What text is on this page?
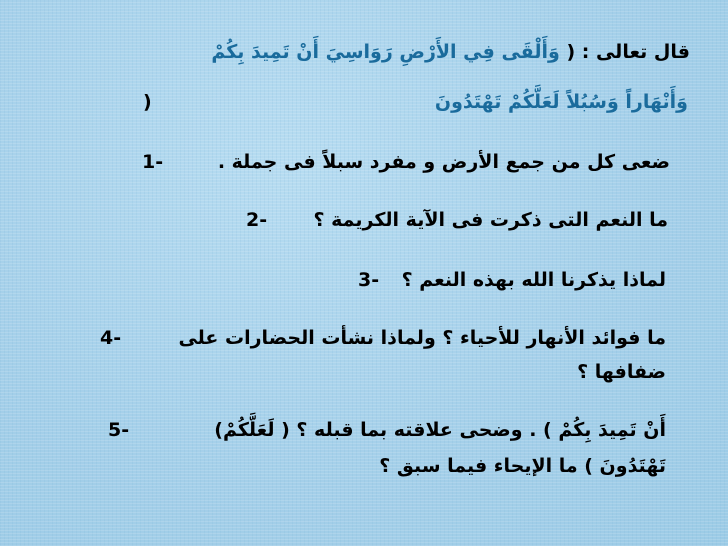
قال تعالى : ( وَأَلْقَى فِي الأَرْضِ رَوَاسِيَ أَنْ تَمِيدَ بِكُمْ
وَأَنْهَاراً وَسُبُلاً لَعَلَّكُمْ تَهْتَدُونَ
)
ضعى كل من جمع الأرض و مفرد سبلاً فى جملة .
1-
ما النعم التى ذكرت فى الآية الكريمة ؟
2-
لماذا يذكرنا الله بهذه النعم ؟
3-
ما فوائد الأنهار للأحياء ؟ ولماذا نشأت الحضارات على
4-
ضفافها ؟
أَنْ تَمِيدَ بِكُمْ ) . وضحى علاقته بما قبله ؟ ( لَعَلَّكُمْ)
5-
تَهْتَدُونَ ) ما الإيحاء فيما سبق ؟
